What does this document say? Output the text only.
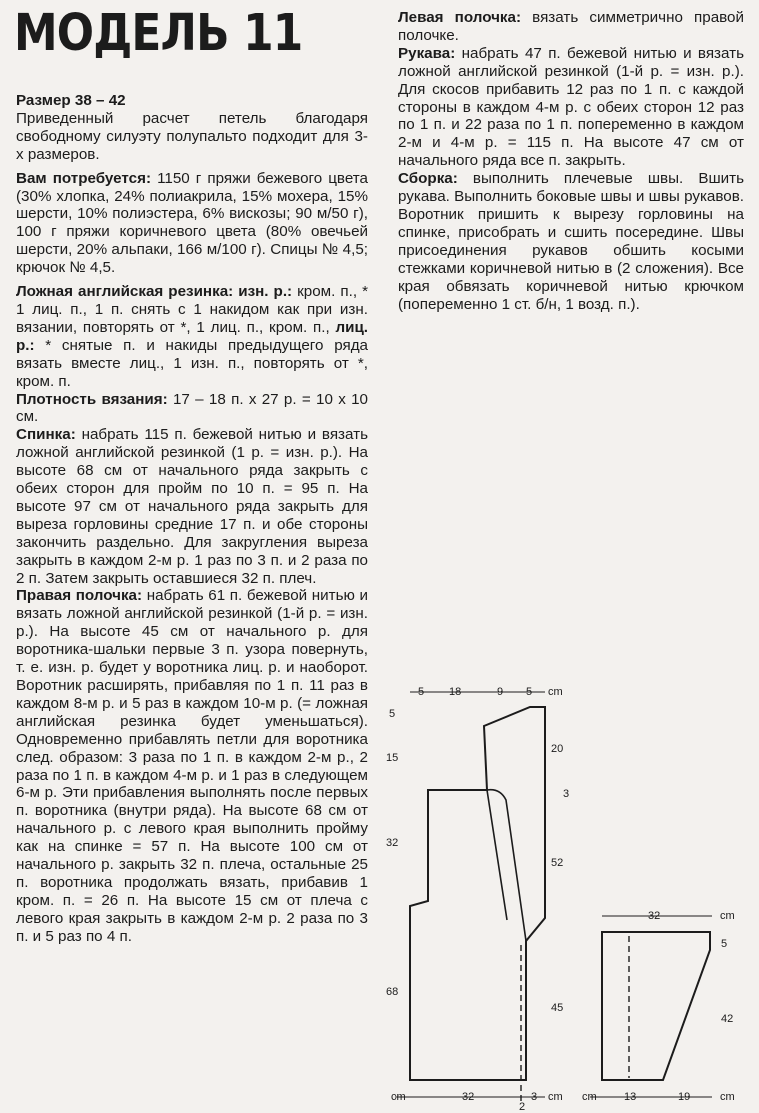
МОДЕЛЬ 11

Размер 38 – 42
Приведенный расчет петель благодаря свободному силуэту полупальто подходит для 3-х размеров.

Вам потребуется: 1150 г пряжи бежевого цвета (30% хлопка, 24% полиакрила, 15% мохера, 15% шерсти, 10% полиэстера, 6% вискозы; 90 м/50 г), 100 г пряжи коричневого цвета (80% овечьей шерсти, 20% альпаки, 166 м/100 г). Спицы № 4,5; крючок № 4,5.

Ложная английская резинка: изн. р.: кром. п., * 1 лиц. п., 1 п. снять с 1 накидом как при изн. вязании, повторять от *, 1 лиц. п., кром. п., лиц. р.: * снятые п. и накиды предыдущего ряда вязать вместе лиц., 1 изн. п., повторять от *, кром. п.

Плотность вязания: 17 – 18 п. x 27 р. = 10 x 10 см.

Спинка: набрать 115 п. бежевой нитью и вязать ложной английской резинкой (1 р. = изн. р.). На высоте 68 см от начального ряда закрыть с обеих сторон для пройм по 10 п. = 95 п. На высоте 97 см от начального ряда закрыть для выреза горловины средние 17 п. и обе стороны закончить раздельно. Для закругления выреза закрыть в каждом 2-м р. 1 раз по 3 п. и 2 раза по 2 п. Затем закрыть оставшиеся 32 п. плеч.

Правая полочка: набрать 61 п. бежевой нитью и вязать ложной английской резинкой (1-й р. = изн. р.). На высоте 45 см от начального р. для воротника-шальки первые 3 п. узора повернуть, т. е. изн. р. будет у воротника лиц. р. и наоборот. Воротник расширять, прибавляя по 1 п. 11 раз в каждом 8-м р. и 5 раз в каждом 10-м р. (= ложная английская резинка будет уменьшаться). Одновременно прибавлять петли для воротника след. образом: 3 раза по 1 п. в каждом 2-м р., 2 раза по 1 п. в каждом 4-м р. и 1 раз в следующем 6-м р. Эти прибавления выполнять после первых п. воротника (внутри ряда). На высоте 68 см от начального р. с левого края выполнить пройму как на спинке = 57 п. На высоте 100 см от начального р. закрыть 32 п. плеча, остальные 25 п. воротника продолжать вязать, прибавив 1 кром. п. = 26 п. На высоте 15 см от плеча с левого края закрыть в каждом 2-м р. 2 раза по 3 п. и 5 раз по 4 п.

Левая полочка: вязать симметрично правой полочке.

Рукава: набрать 47 п. бежевой нитью и вязать ложной английской резинкой (1-й р. = изн. р.). Для скосов прибавить 12 раз по 1 п. с каждой стороны в каждом 4-м р. с обеих сторон 12 раз по 1 п. и 22 раза по 1 п. попеременно в каждом 2-м и 4-м р. = 115 п. На высоте 47 см от начального ряда все п. закрыть.

Сборка: выполнить плечевые швы. Вшить рукава. Выполнить боковые швы и швы рукавов. Воротник пришить к вырезу горловины на спинке, присобрать и сшить посередине. Швы присоединения рукавов обшить косыми стежками коричневой нитью в (2 сложения). Все края обвязать коричневой нитью крючком (попеременно 1 ст. б/н, 1 возд. п.).

5 18	9 5 cm
5
15
32
68
20
3
52
45
cm	32	3 cm
2
32	cm
5
42
cm 13	19	cm
